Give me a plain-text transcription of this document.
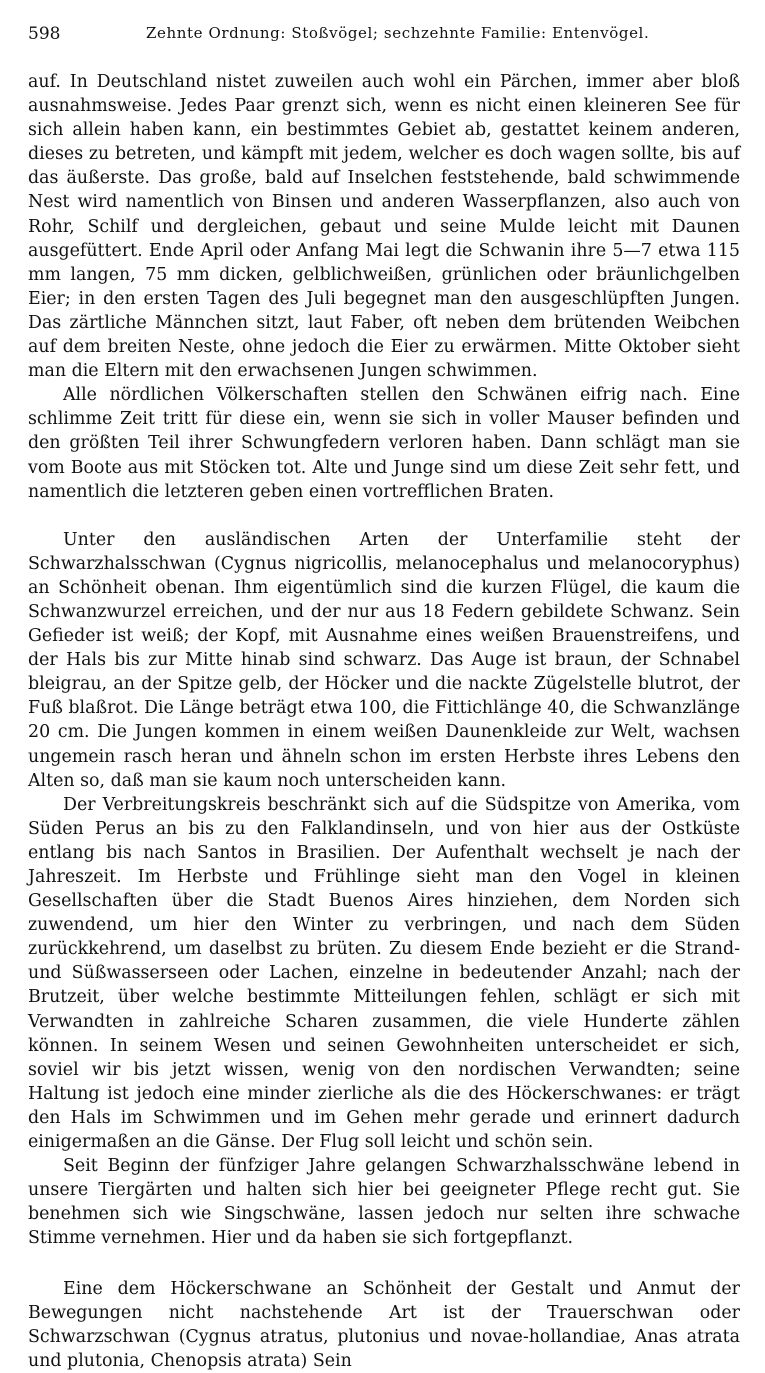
598	Zehnte Ordnung: Stoßvögel; sechzehnte Familie: Entenvögel.

auf. In Deutschland nistet zuweilen auch wohl ein Pärchen, immer aber bloß ausnahmsweise. Jedes Paar grenzt sich, wenn es nicht einen kleineren See für sich allein haben kann, ein bestimmtes Gebiet ab, gestattet keinem anderen, dieses zu betreten, und kämpft mit jedem, welcher es doch wagen sollte, bis auf das äußerste. Das große, bald auf Inselchen feststehende, bald schwimmende Nest wird namentlich von Binsen und anderen Wasserpflanzen, also auch von Rohr, Schilf und dergleichen, gebaut und seine Mulde leicht mit Daunen ausgefüttert. Ende April oder Anfang Mai legt die Schwanin ihre 5—7 etwa 115 mm langen, 75 mm dicken, gelblichweißen, grünlichen oder bräunlichgelben Eier; in den ersten Tagen des Juli begegnet man den ausgeschlüpften Jungen. Das zärtliche Männchen sitzt, laut Faber, oft neben dem brütenden Weibchen auf dem breiten Neste, ohne jedoch die Eier zu erwärmen. Mitte Oktober sieht man die Eltern mit den erwachsenen Jungen schwimmen.

Alle nördlichen Völkerschaften stellen den Schwänen eifrig nach. Eine schlimme Zeit tritt für diese ein, wenn sie sich in voller Mauser befinden und den größten Teil ihrer Schwungfedern verloren haben. Dann schlägt man sie vom Boote aus mit Stöcken tot. Alte und Junge sind um diese Zeit sehr fett, und namentlich die letzteren geben einen vortrefflichen Braten.

Unter den ausländischen Arten der Unterfamilie steht der Schwarzhalsschwan (Cygnus nigricollis, melanocephalus und melanocoryphus) an Schönheit obenan. Ihm eigentümlich sind die kurzen Flügel, die kaum die Schwanzwurzel erreichen, und der nur aus 18 Federn gebildete Schwanz. Sein Gefieder ist weiß; der Kopf, mit Ausnahme eines weißen Brauenstreifens, und der Hals bis zur Mitte hinab sind schwarz. Das Auge ist braun, der Schnabel bleigrau, an der Spitze gelb, der Höcker und die nackte Zügelstelle blutrot, der Fuß blaßrot. Die Länge beträgt etwa 100, die Fittichlänge 40, die Schwanzlänge 20 cm. Die Jungen kommen in einem weißen Daunenkleide zur Welt, wachsen ungemein rasch heran und ähneln schon im ersten Herbste ihres Lebens den Alten so, daß man sie kaum noch unterscheiden kann.

Der Verbreitungskreis beschränkt sich auf die Südspitze von Amerika, vom Süden Perus an bis zu den Falklandinseln, und von hier aus der Ostküste entlang bis nach Santos in Brasilien. Der Aufenthalt wechselt je nach der Jahreszeit. Im Herbste und Frühlinge sieht man den Vogel in kleinen Gesellschaften über die Stadt Buenos Aires hinziehen, dem Norden sich zuwendend, um hier den Winter zu verbringen, und nach dem Süden zurückkehrend, um daselbst zu brüten. Zu diesem Ende bezieht er die Strand- und Süßwasserseen oder Lachen, einzelne in bedeutender Anzahl; nach der Brutzeit, über welche bestimmte Mitteilungen fehlen, schlägt er sich mit Verwandten in zahlreiche Scharen zusammen, die viele Hunderte zählen können. In seinem Wesen und seinen Gewohnheiten unterscheidet er sich, soviel wir bis jetzt wissen, wenig von den nordischen Verwandten; seine Haltung ist jedoch eine minder zierliche als die des Höckerschwanes: er trägt den Hals im Schwimmen und im Gehen mehr gerade und erinnert dadurch einigermaßen an die Gänse. Der Flug soll leicht und schön sein.

Seit Beginn der fünfziger Jahre gelangen Schwarzhalsschwäne lebend in unsere Tiergärten und halten sich hier bei geeigneter Pflege recht gut. Sie benehmen sich wie Singschwäne, lassen jedoch nur selten ihre schwache Stimme vernehmen. Hier und da haben sie sich fortgepflanzt.

Eine dem Höckerschwane an Schönheit der Gestalt und Anmut der Bewegungen nicht nachstehende Art ist der Trauerschwan oder Schwarzschwan (Cygnus atratus, plutonius und novae-hollandiae, Anas atrata und plutonia, Chenopsis atrata) Sein
